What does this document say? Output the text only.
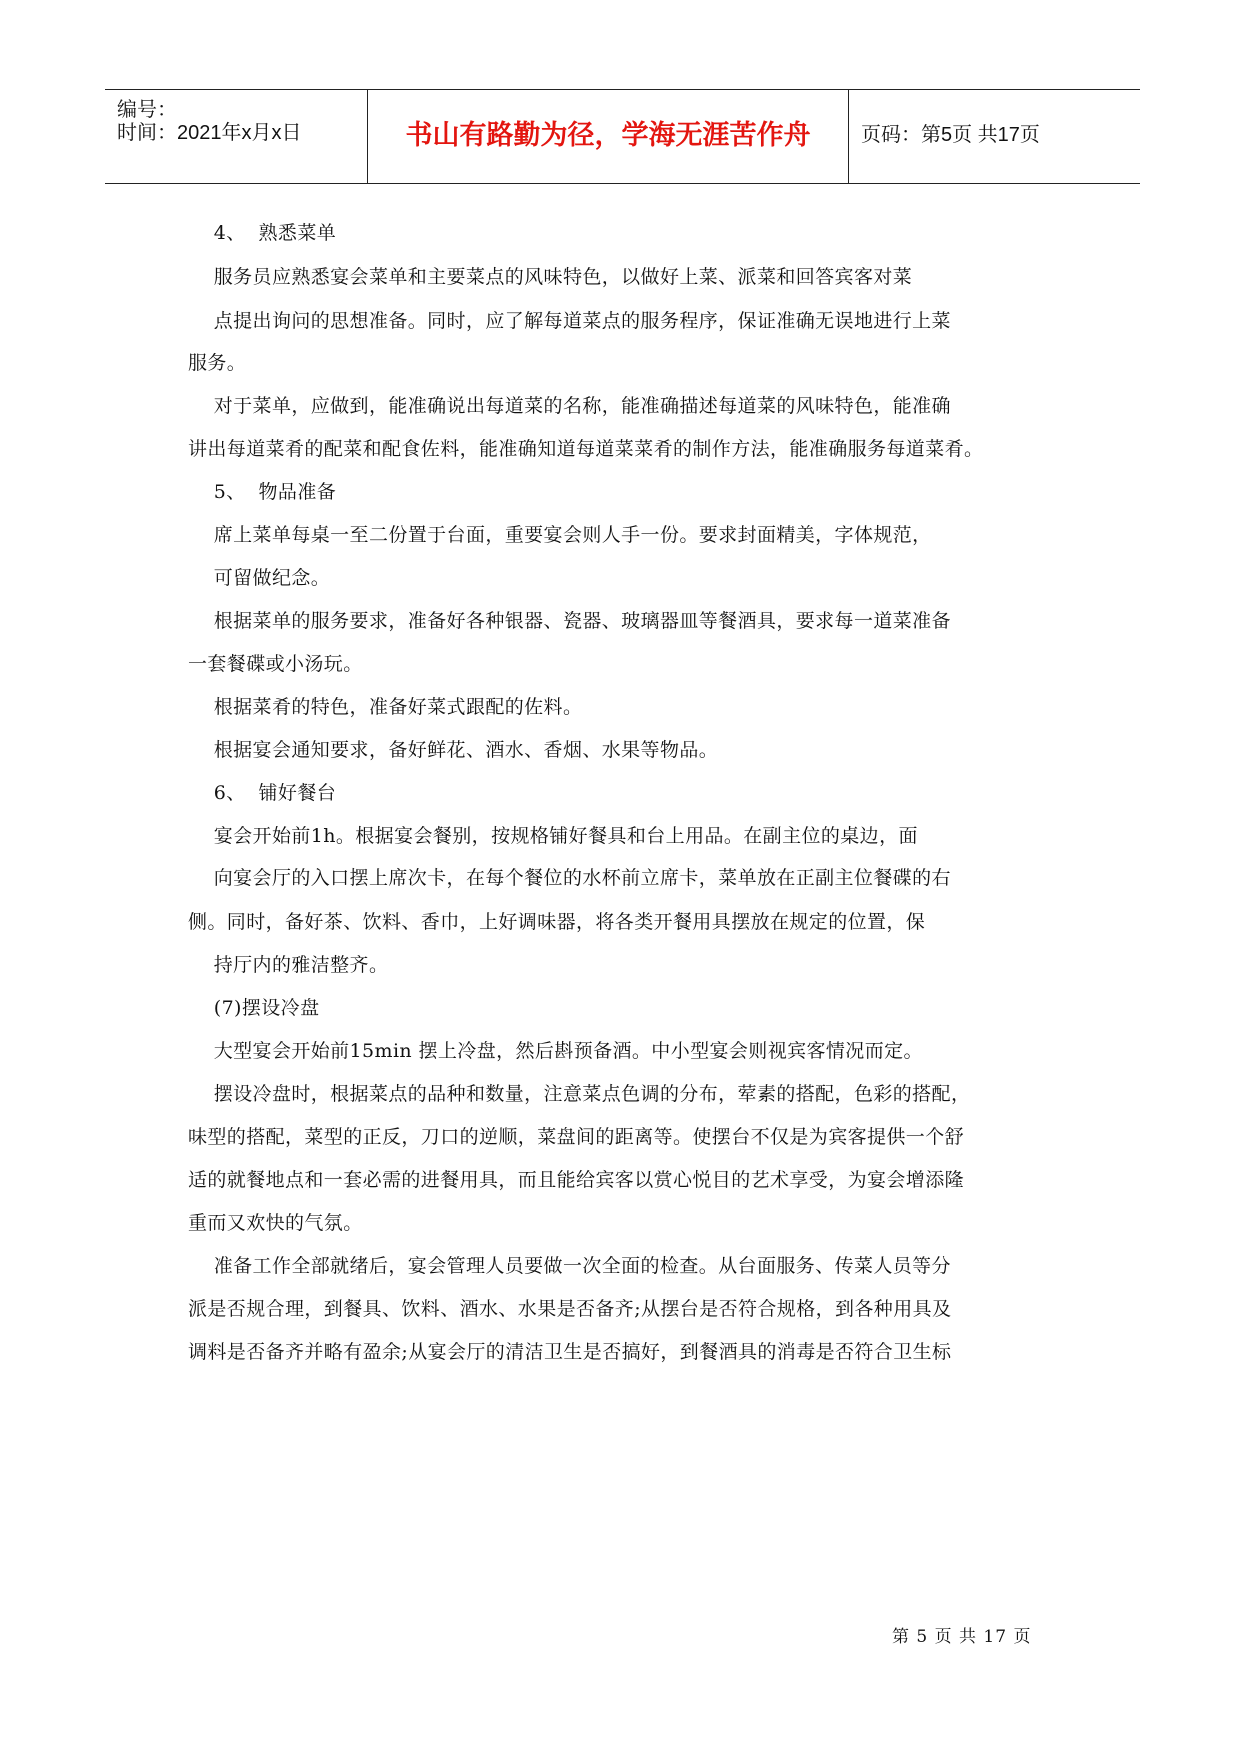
编号：
时间：2021年x月x日	书山有路勤为径，学海无涯苦作舟	页码：第5页 共17页
4、  熟悉菜单
服务员应熟悉宴会菜单和主要菜点的风味特色，以做好上菜、派菜和回答宾客对菜
点提出询问的思想准备。同时，应了解每道菜点的服务程序，保证准确无误地进行上菜
服务。
对于菜单，应做到，能准确说出每道菜的名称，能准确描述每道菜的风味特色，能准确
讲出每道菜肴的配菜和配食佐料，能准确知道每道菜菜肴的制作方法，能准确服务每道菜肴。
5、  物品准备
席上菜单每桌一至二份置于台面，重要宴会则人手一份。要求封面精美，字体规范，
可留做纪念。
根据菜单的服务要求，准备好各种银器、瓷器、玻璃器皿等餐酒具，要求每一道菜准备
一套餐碟或小汤玩。
根据菜肴的特色，准备好菜式跟配的佐料。
根据宴会通知要求，备好鲜花、酒水、香烟、水果等物品。
6、  铺好餐台
宴会开始前1h。根据宴会餐别，按规格铺好餐具和台上用品。在副主位的桌边，面
向宴会厅的入口摆上席次卡，在每个餐位的水杯前立席卡，菜单放在正副主位餐碟的右
侧。同时，备好茶、饮料、香巾，上好调味器，将各类开餐用具摆放在规定的位置，保
持厅内的雅洁整齐。
(7)摆设冷盘
大型宴会开始前15min 摆上冷盘，然后斟预备酒。中小型宴会则视宾客情况而定。
摆设冷盘时，根据菜点的品种和数量，注意菜点色调的分布，荤素的搭配，色彩的搭配，
味型的搭配，菜型的正反，刀口的逆顺，菜盘间的距离等。使摆台不仅是为宾客提供一个舒
适的就餐地点和一套必需的进餐用具，而且能给宾客以赏心悦目的艺术享受，为宴会增添隆
重而又欢快的气氛。
准备工作全部就绪后，宴会管理人员要做一次全面的检查。从台面服务、传菜人员等分
派是否规合理，到餐具、饮料、酒水、水果是否备齐;从摆台是否符合规格，到各种用具及
调料是否备齐并略有盈余;从宴会厅的清洁卫生是否搞好，到餐酒具的消毒是否符合卫生标
第 5 页 共 17 页
